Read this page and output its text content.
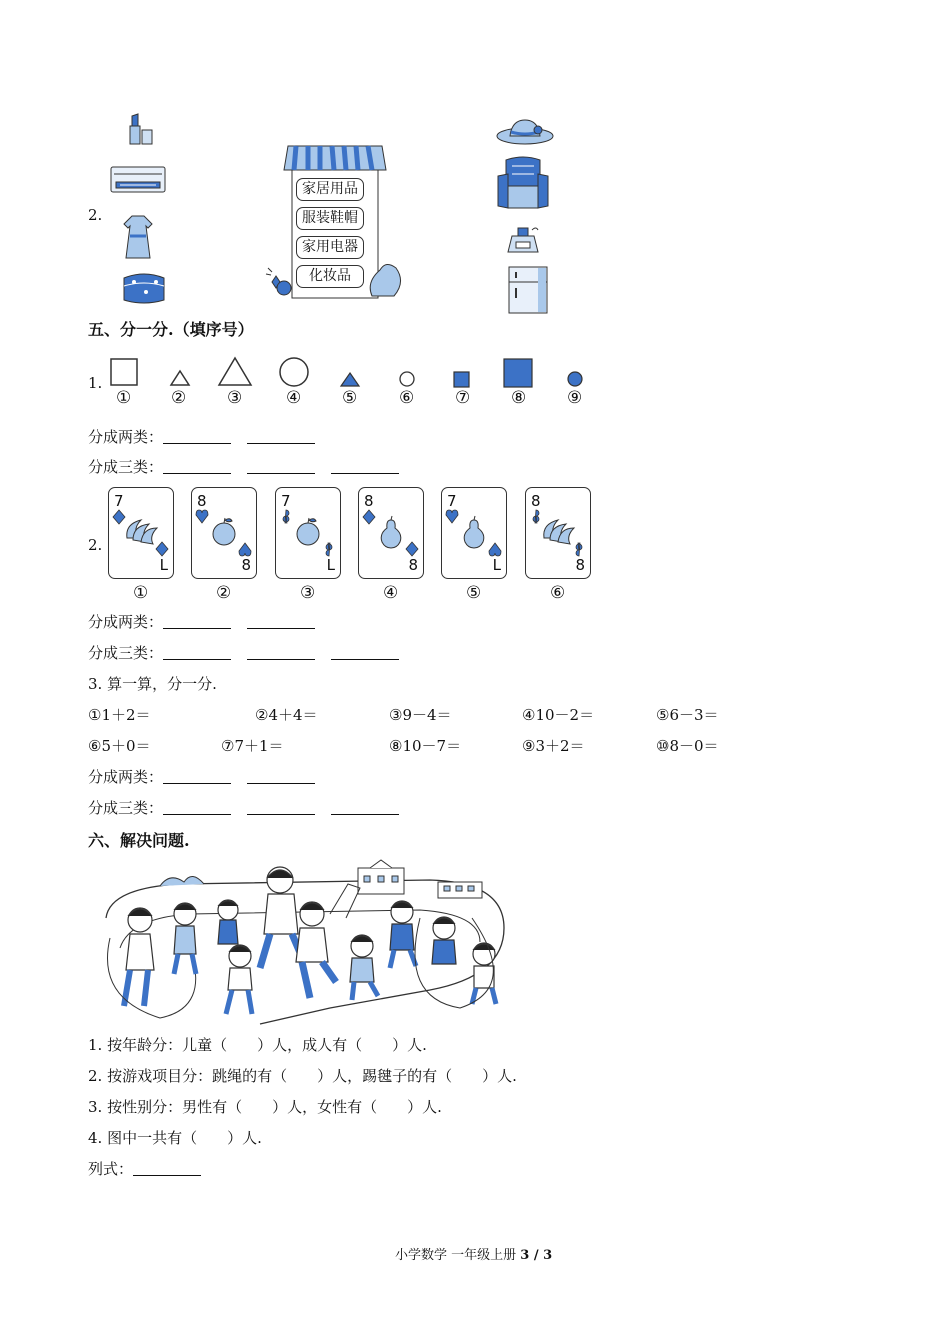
2.
家居用品
服装鞋帽
家用电器
化妆品
五、分一分.（填序号）
1.
① ② ③	④ ⑤ ⑥ ⑦ ⑧ ⑨
分成两类：
分成三类：
2.
7
L
8
8
7
L
8
8
7
L
8
8
①	②	③	④	⑤	⑥
分成两类：
分成三类：
3. 算一算，分一分.
①1＋2＝	②4＋4＝	③9－4＝	④10－2＝	⑤6－3＝
⑥5＋0＝	⑦7＋1＝	⑧10－7＝	⑨3＋2＝	⑩8－0＝
分成两类：
分成三类：
六、解决问题.
1. 按年龄分：儿童（　　）人，成人有（　　）人.
2. 按游戏项目分：跳绳的有（　　）人，踢毽子的有（　　）人.
3. 按性别分：男性有（　　）人，女性有（　　）人.
4. 图中一共有（　　）人.
列式：
小学数学 一年级上册 3 / 3
